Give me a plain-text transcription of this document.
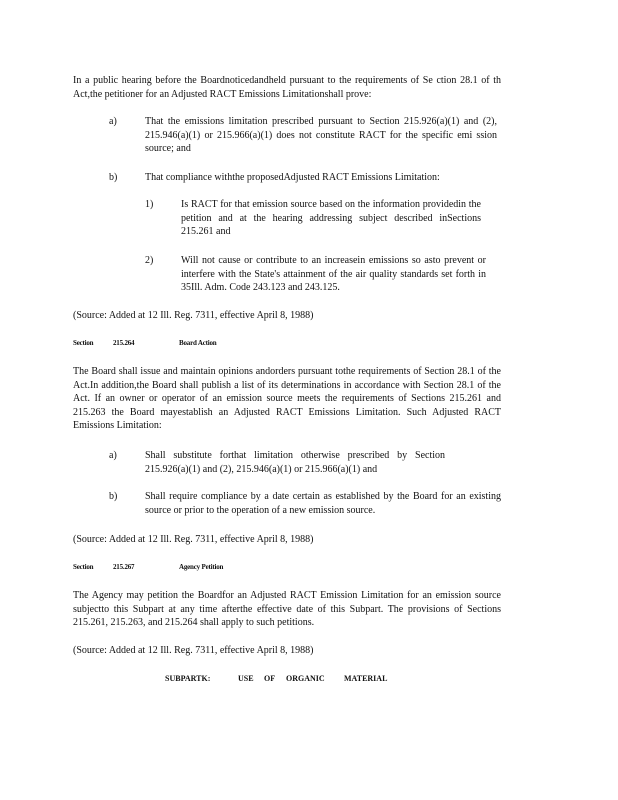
In a public hearing before the Boardnoticedandheld pursuant to the requirements of Se ction 28.1 of th Act,the petitioner for an Adjusted RACT Emissions Limitationshall prove:
a)	That the emissions limitation prescribed pursuant to Section 215.926(a)(1) and (2), 215.946(a)(1) or 215.966(a)(1) does not constitute RACT for the specific emi ssion source; and
b)	That compliance withthe proposedAdjusted RACT Emissions Limitation:
1)	Is RACT for that emission source based on the information providedin the petition and at the hearing addressing subject described inSections 215.261 and
2)	Will not cause or contribute to an increasein emissions so asto prevent or interfere with the State's attainment of the air quality standards set forth in 35Ill. Adm. Code 243.123 and 243.125.
(Source: Added at 12 Ill. Reg. 7311, effective April 8, 1988)
Section	215.264	Board Action
The Board shall issue and maintain opinions andorders pursuant tothe requirements of Section 28.1 of the Act.In addition,the Board shall publish a list of its determinations in accordance with Section 28.1 of the Act. If an owner or operator of an emission source meets the requirements of Sections 215.261 and 215.263 the Board mayestablish an Adjusted RACT Emissions Limitation. Such Adjusted RACT Emissions Limitation:
a)	Shall substitute forthat limitation otherwise prescribed by Section 215.926(a)(1) and (2), 215.946(a)(1) or 215.966(a)(1) and
b)	Shall require compliance by a date certain as established by the Board for an existing source or prior to the operation of a new emission source.
(Source: Added at 12 Ill. Reg. 7311, effective April 8, 1988)
Section	215.267	Agency Petition
The Agency may petition the Boardfor an Adjusted RACT Emission Limitation for an emission source subjectto this Subpart at any time afterthe effective date of this Subpart. The provisions of Sections 215.261, 215.263, and 215.264 shall apply to such petitions.
(Source: Added at 12 Ill. Reg. 7311, effective April 8, 1988)
SUBPARTK:	USE OF ORGANIC MATERIAL
